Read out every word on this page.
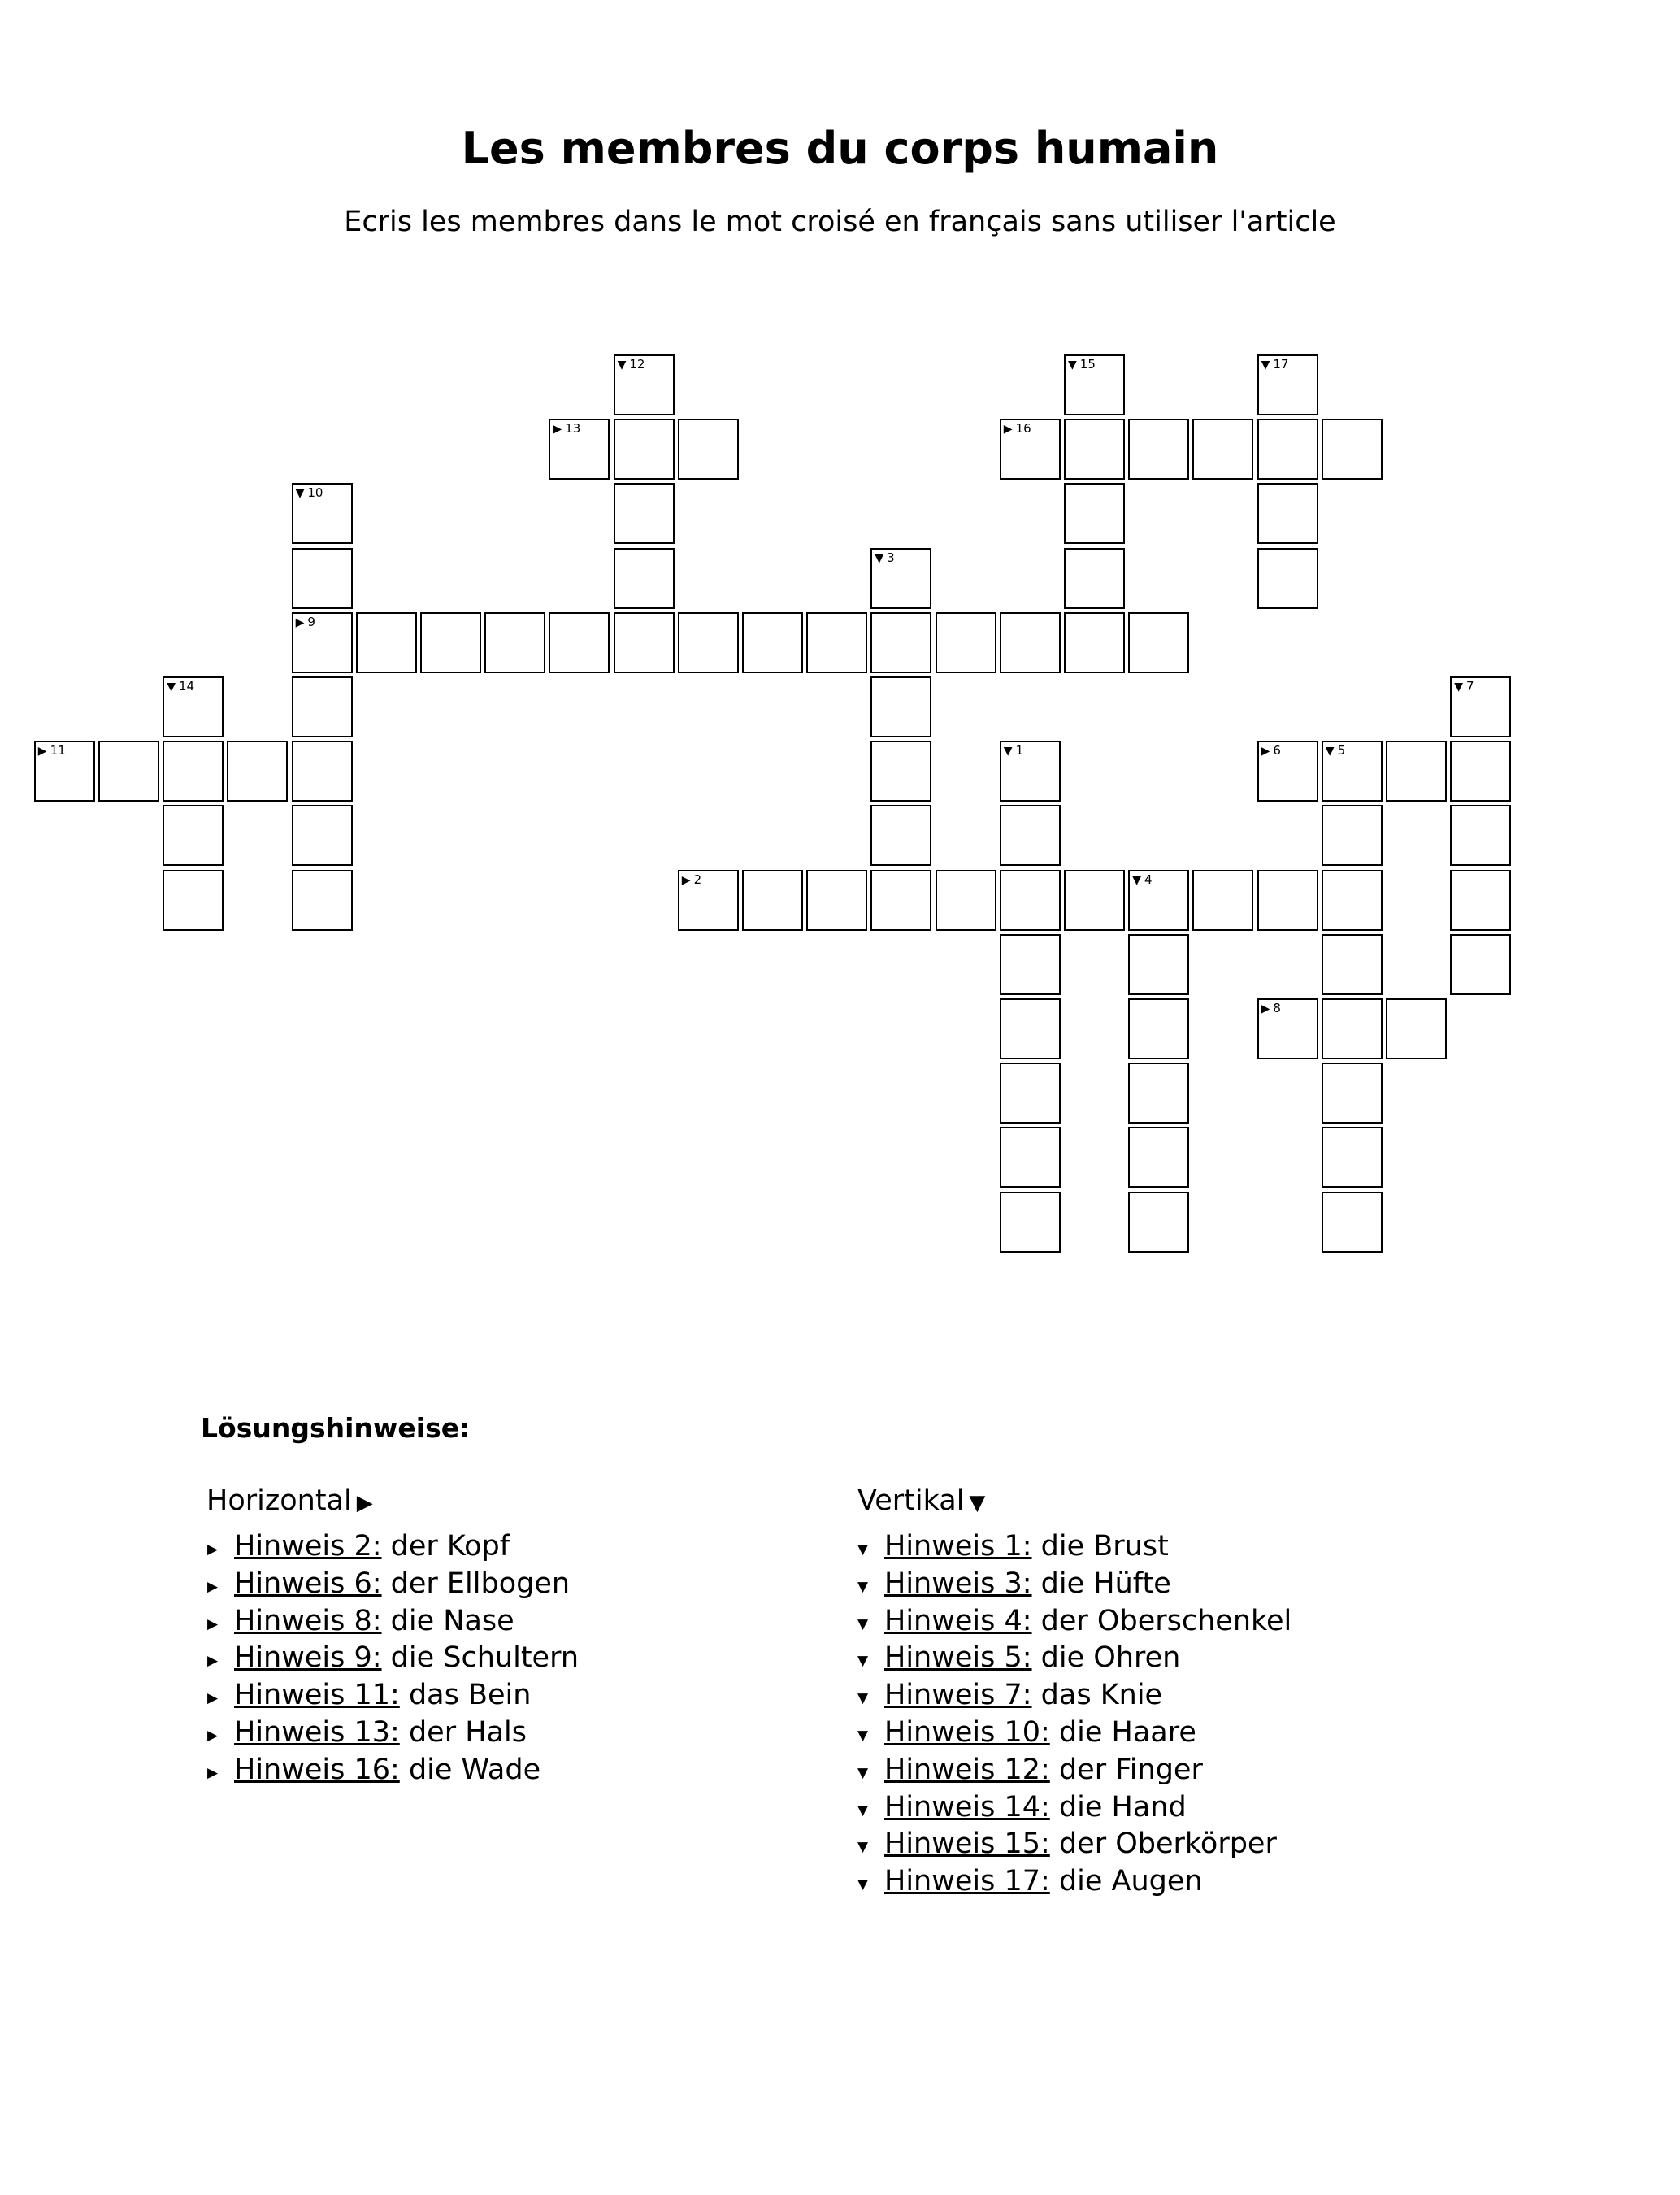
Les membres du corps humain
Ecris les membres dans le mot croisé en français sans utiliser l'article
▶ 13	▶ 16
▶ 9
▶ 11	▶ 6	▼ 5
▶ 2	▼ 4
▶ 8
▼ 12	▼ 15	▼ 17
▼ 10
▼ 3
▼ 14
▼ 1
▼ 7
Lösungshinweise:
Horizontal ▶	Vertikal ▼
▶ Hinweis 2: der Kopf
▶ Hinweis 6: der Ellbogen
▶ Hinweis 8: die Nase
▶ Hinweis 9: die Schultern
▶ Hinweis 11: das Bein
▶ Hinweis 13: der Hals
▶ Hinweis 16: die Wade
▼ Hinweis 1: die Brust
▼ Hinweis 3: die Hüfte
▼ Hinweis 4: der Oberschenkel
▼ Hinweis 5: die Ohren
▼ Hinweis 7: das Knie
▼ Hinweis 10: die Haare
▼ Hinweis 12: der Finger
▼ Hinweis 14: die Hand
▼ Hinweis 15: der Oberkörper
▼ Hinweis 17: die Augen
